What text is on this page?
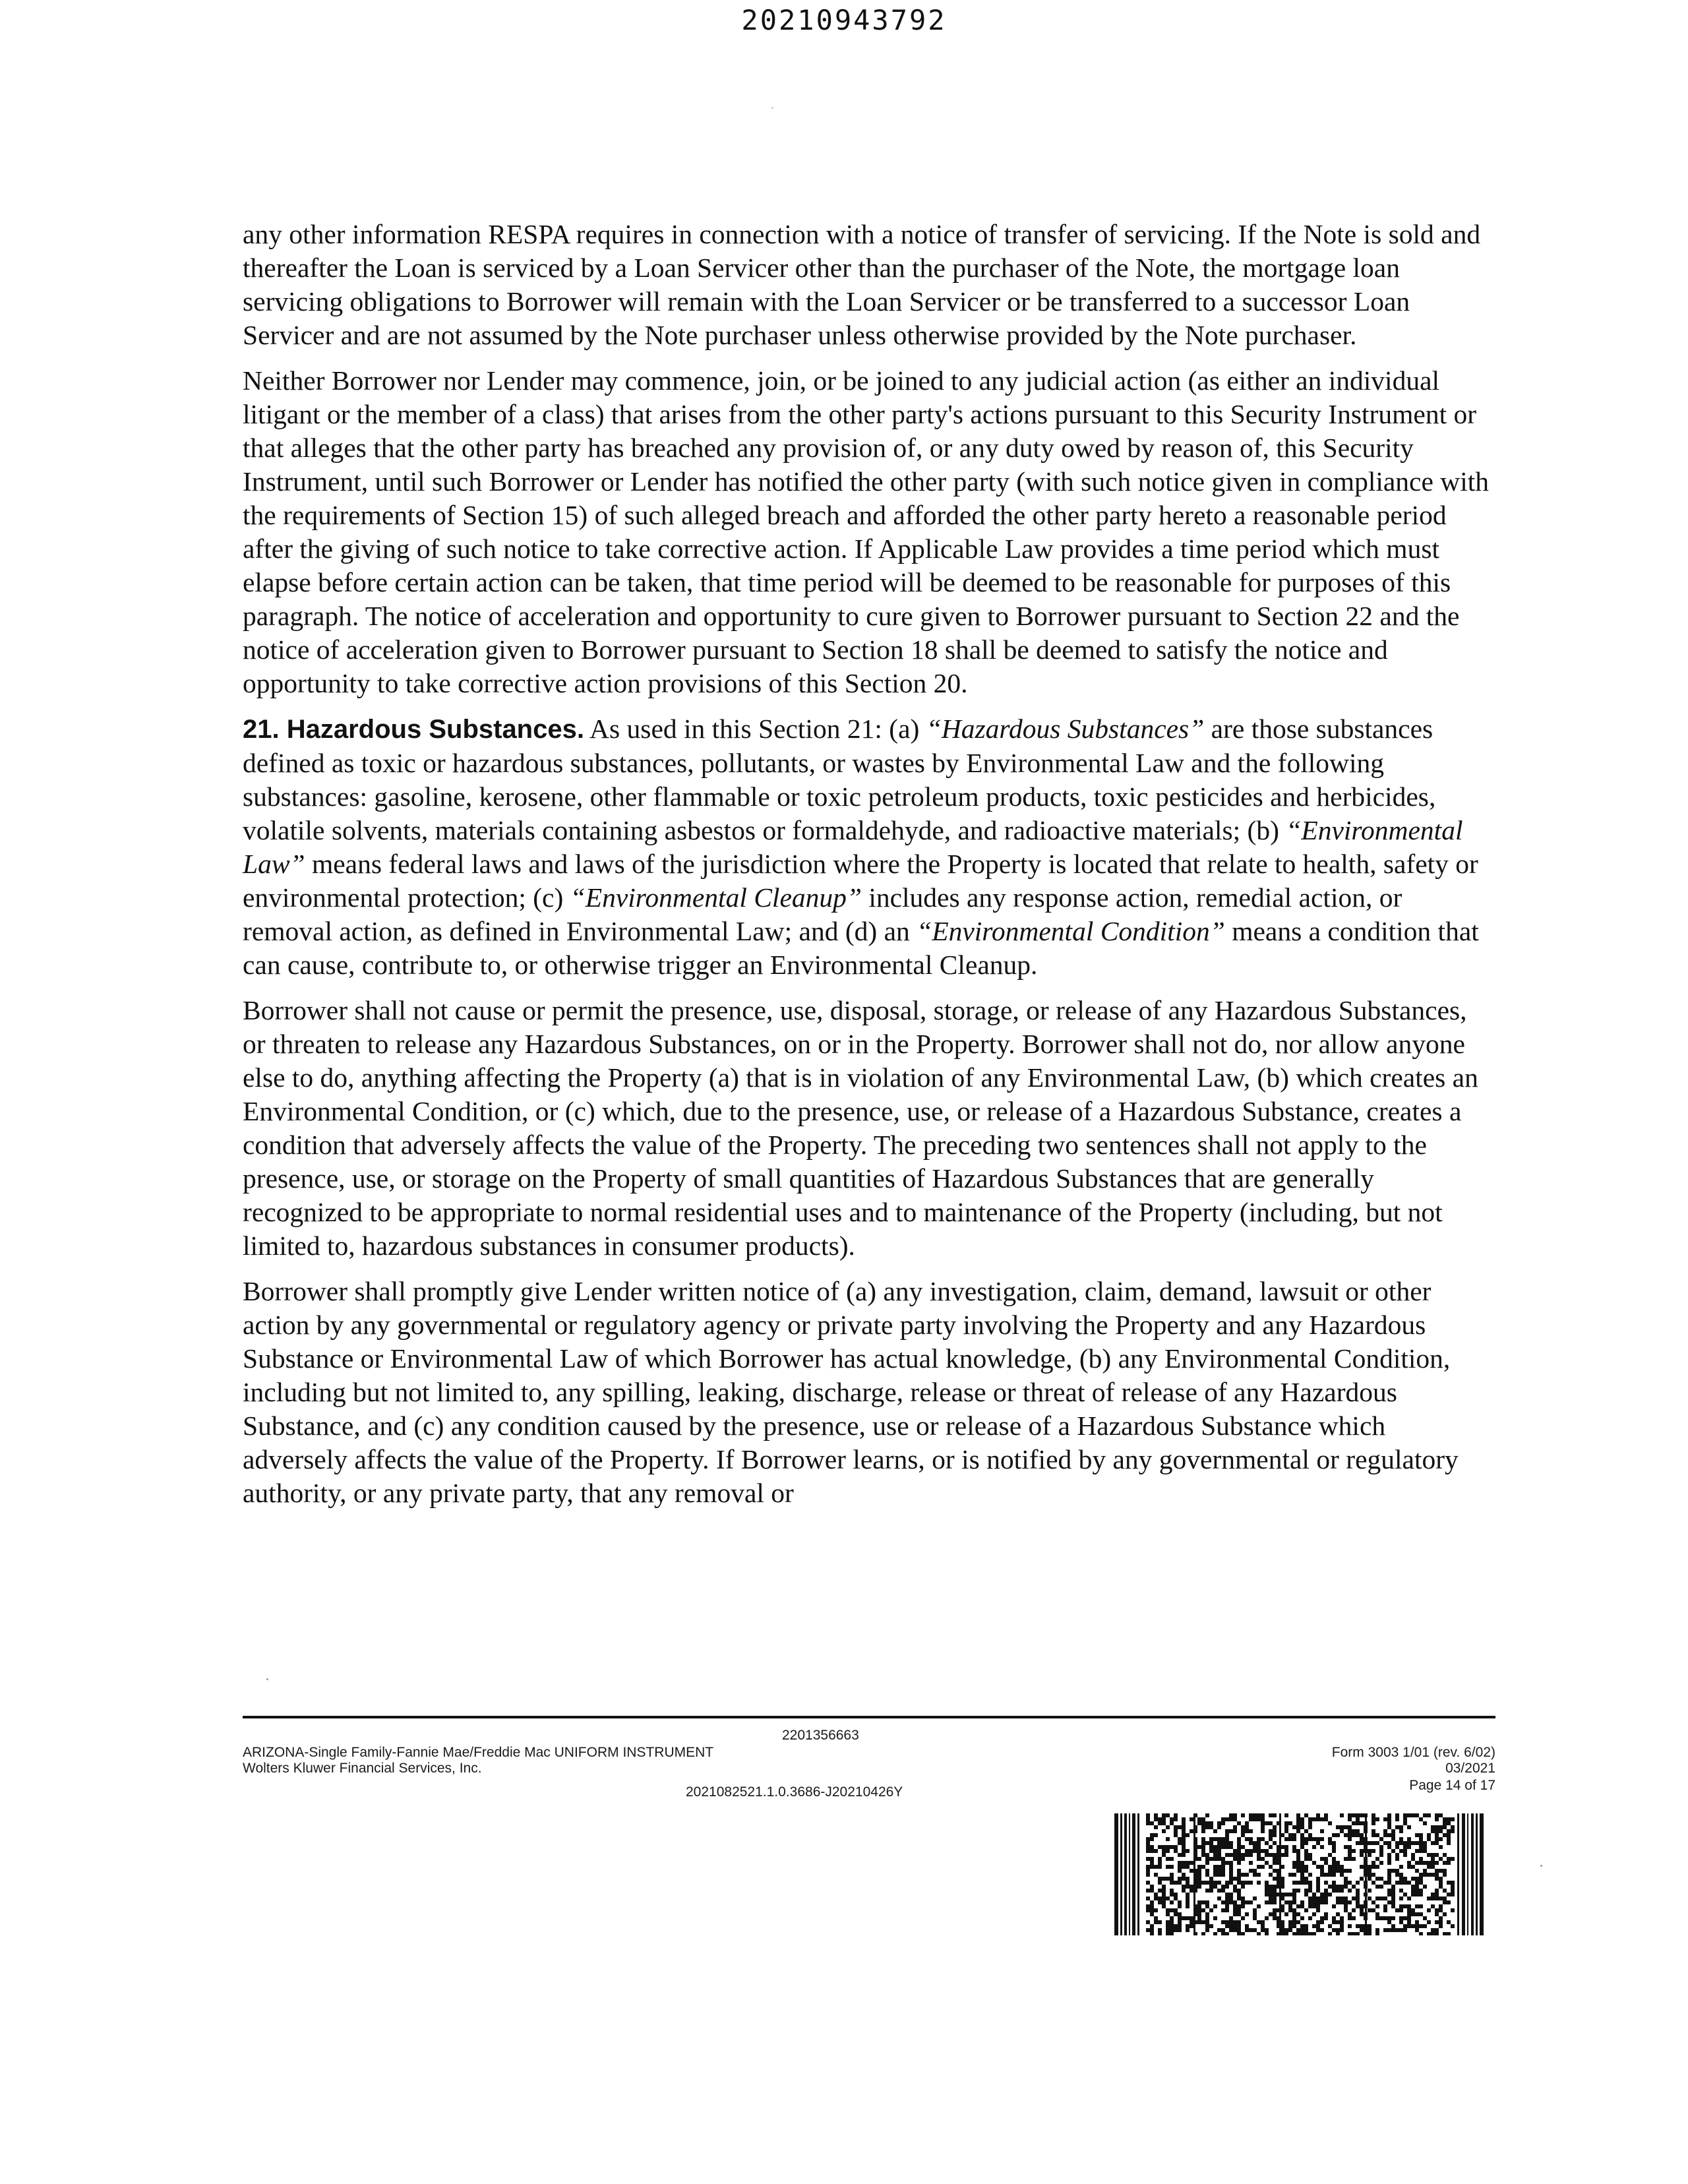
20210943792

any other information RESPA requires in connection with a notice of transfer of servicing. If the Note is sold and thereafter the Loan is serviced by a Loan Servicer other than the purchaser of the Note, the mortgage loan servicing obligations to Borrower will remain with the Loan Servicer or be transferred to a successor Loan Servicer and are not assumed by the Note purchaser unless otherwise provided by the Note purchaser.

Neither Borrower nor Lender may commence, join, or be joined to any judicial action (as either an individual litigant or the member of a class) that arises from the other party's actions pursuant to this Security Instrument or that alleges that the other party has breached any provision of, or any duty owed by reason of, this Security Instrument, until such Borrower or Lender has notified the other party (with such notice given in compliance with the requirements of Section 15) of such alleged breach and afforded the other party hereto a reasonable period after the giving of such notice to take corrective action. If Applicable Law provides a time period which must elapse before certain action can be taken, that time period will be deemed to be reasonable for purposes of this paragraph. The notice of acceleration and opportunity to cure given to Borrower pursuant to Section 22 and the notice of acceleration given to Borrower pursuant to Section 18 shall be deemed to satisfy the notice and opportunity to take corrective action provisions of this Section 20.

21. Hazardous Substances. As used in this Section 21: (a) “Hazardous Substances” are those substances defined as toxic or hazardous substances, pollutants, or wastes by Environmental Law and the following substances: gasoline, kerosene, other flammable or toxic petroleum products, toxic pesticides and herbicides, volatile solvents, materials containing asbestos or formaldehyde, and radioactive materials; (b) “Environmental Law” means federal laws and laws of the jurisdiction where the Property is located that relate to health, safety or environmental protection; (c) “Environmental Cleanup” includes any response action, remedial action, or removal action, as defined in Environmental Law; and (d) an “Environmental Condition” means a condition that can cause, contribute to, or otherwise trigger an Environmental Cleanup.

Borrower shall not cause or permit the presence, use, disposal, storage, or release of any Hazardous Substances, or threaten to release any Hazardous Substances, on or in the Property. Borrower shall not do, nor allow anyone else to do, anything affecting the Property (a) that is in violation of any Environmental Law, (b) which creates an Environmental Condition, or (c) which, due to the presence, use, or release of a Hazardous Substance, creates a condition that adversely affects the value of the Property. The preceding two sentences shall not apply to the presence, use, or storage on the Property of small quantities of Hazardous Substances that are generally recognized to be appropriate to normal residential uses and to maintenance of the Property (including, but not limited to, hazardous substances in consumer products).

Borrower shall promptly give Lender written notice of (a) any investigation, claim, demand, lawsuit or other action by any governmental or regulatory agency or private party involving the Property and any Hazardous Substance or Environmental Law of which Borrower has actual knowledge, (b) any Environmental Condition, including but not limited to, any spilling, leaking, discharge, release or threat of release of any Hazardous Substance, and (c) any condition caused by the presence, use or release of a Hazardous Substance which adversely affects the value of the Property. If Borrower learns, or is notified by any governmental or regulatory authority, or any private party, that any removal or

2201356663
ARIZONA-Single Family-Fannie Mae/Freddie Mac UNIFORM INSTRUMENT
Wolters Kluwer Financial Services, Inc.
2021082521.1.0.3686-J20210426Y
Form 3003 1/01 (rev. 6/02)
03/2021
Page 14 of 17
